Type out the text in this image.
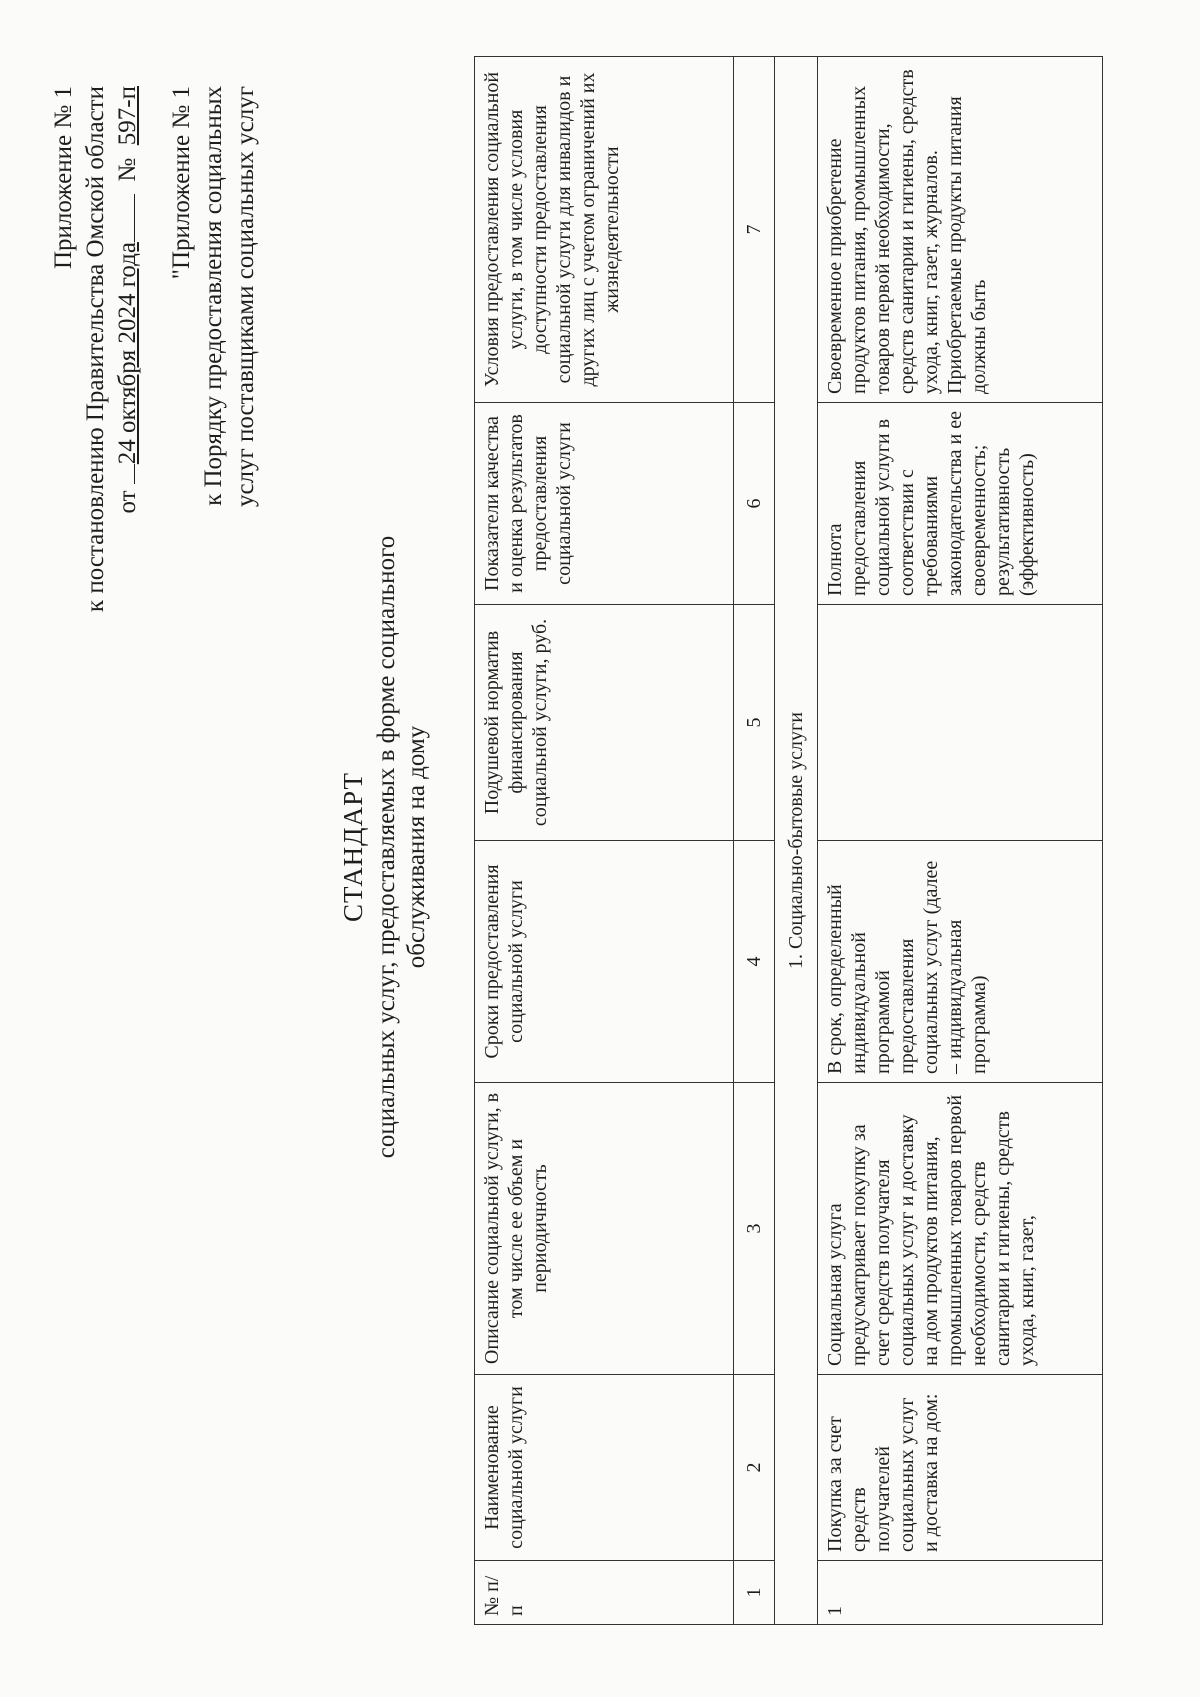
Приложение № 1 к постановлению Правительства Омской области от 24 октября 2024 года  №  597-п "Приложение № 1 к Порядку предоставления социальных услуг поставщиками социальных услуг
СТАНДАРТ социальных услуг, предоставляемых в форме социального обслуживания на дому
№ п/п	Наименование социальной услуги	Описание социальной услуги, в том числе ее объем и периодичность	Сроки предоставления социальной услуги	Подушевой норматив финансирования социальной услуги, руб.	Показатели качества и оценка результатов предоставления социальной услуги	Условия предоставления социальной услуги, в том числе условия доступности предоставления социальной услуги для инвалидов и других лиц с учетом ограничений их жизнедеятельности
1	2	3	4	5	6	7
1. Социально-бытовые услуги						
1	Покупка за счет средств получателей социальных услуг и доставка на дом:	Социальная услуга предусматривает покупку за счет средств получателя социальных услуг и доставку на дом продуктов питания, промышленных товаров первой необходимости, средств санитарии и гигиены, средств ухода, книг, газет,	В срок, определенный индивидуальной программой предоставления социальных услуг (далее – индивидуальная программа)		Полнота предоставления социальной услуги в соответствии с требованиями законодательства и ее своевременность; результативность (эффективность)	Своевременное приобретение продуктов питания, промышленных товаров первой необходимости, средств санитарии и гигиены, средств ухода, книг, газет, журналов. Приобретаемые продукты питания должны быть
